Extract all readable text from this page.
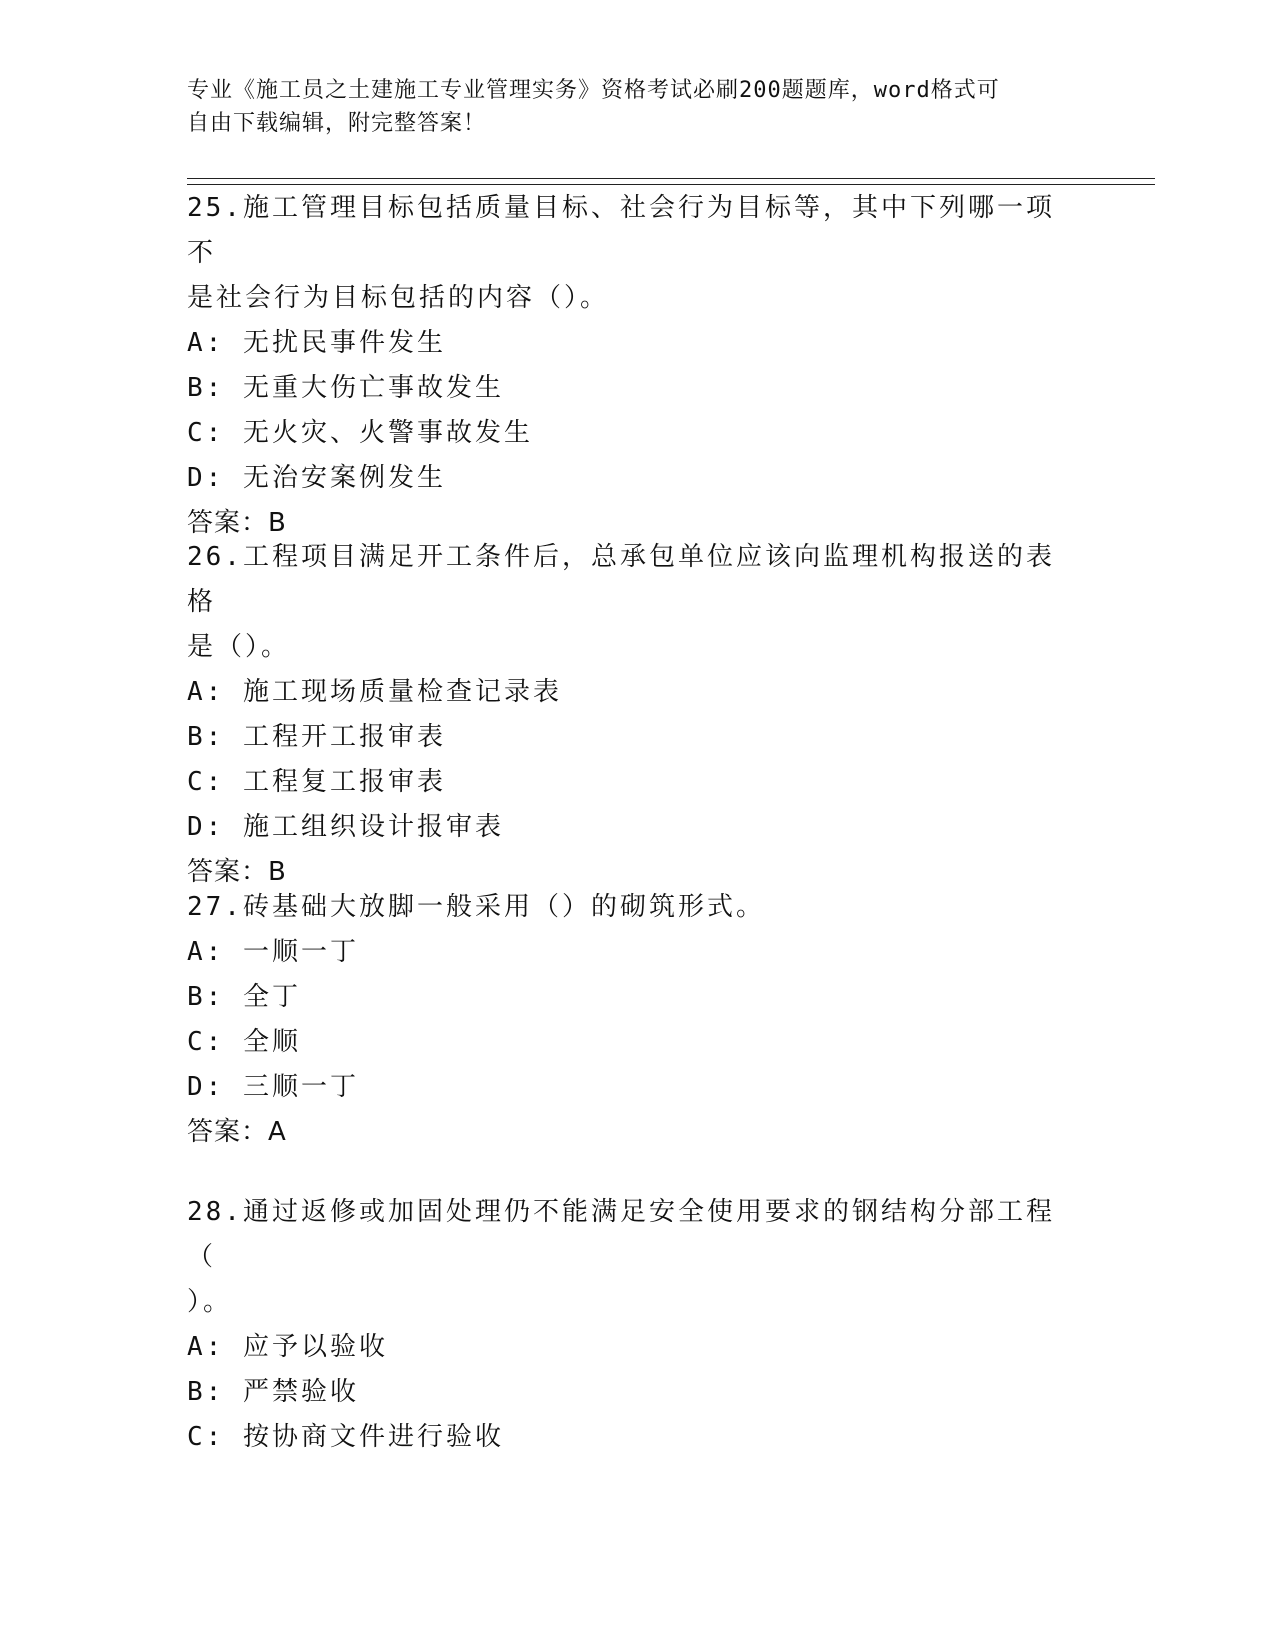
专业《施工员之土建施工专业管理实务》资格考试必刷200题题库，word格式可
自由下载编辑，附完整答案！

25.施工管理目标包括质量目标、社会行为目标等，其中下列哪一项不

是社会行为目标包括的内容（）。

A: 无扰民事件发生

B: 无重大伤亡事故发生

C: 无火灾、火警事故发生

D: 无治安案例发生

答案：B

26.工程项目满足开工条件后，总承包单位应该向监理机构报送的表格

是（）。

A: 施工现场质量检查记录表

B: 工程开工报审表

C: 工程复工报审表

D: 施工组织设计报审表

答案：B

27.砖基础大放脚一般采用（）的砌筑形式。

A: 一顺一丁

B: 全丁

C: 全顺

D: 三顺一丁

答案：A

28.通过返修或加固处理仍不能满足安全使用要求的钢结构分部工程（

）。

A: 应予以验收

B: 严禁验收

C: 按协商文件进行验收
